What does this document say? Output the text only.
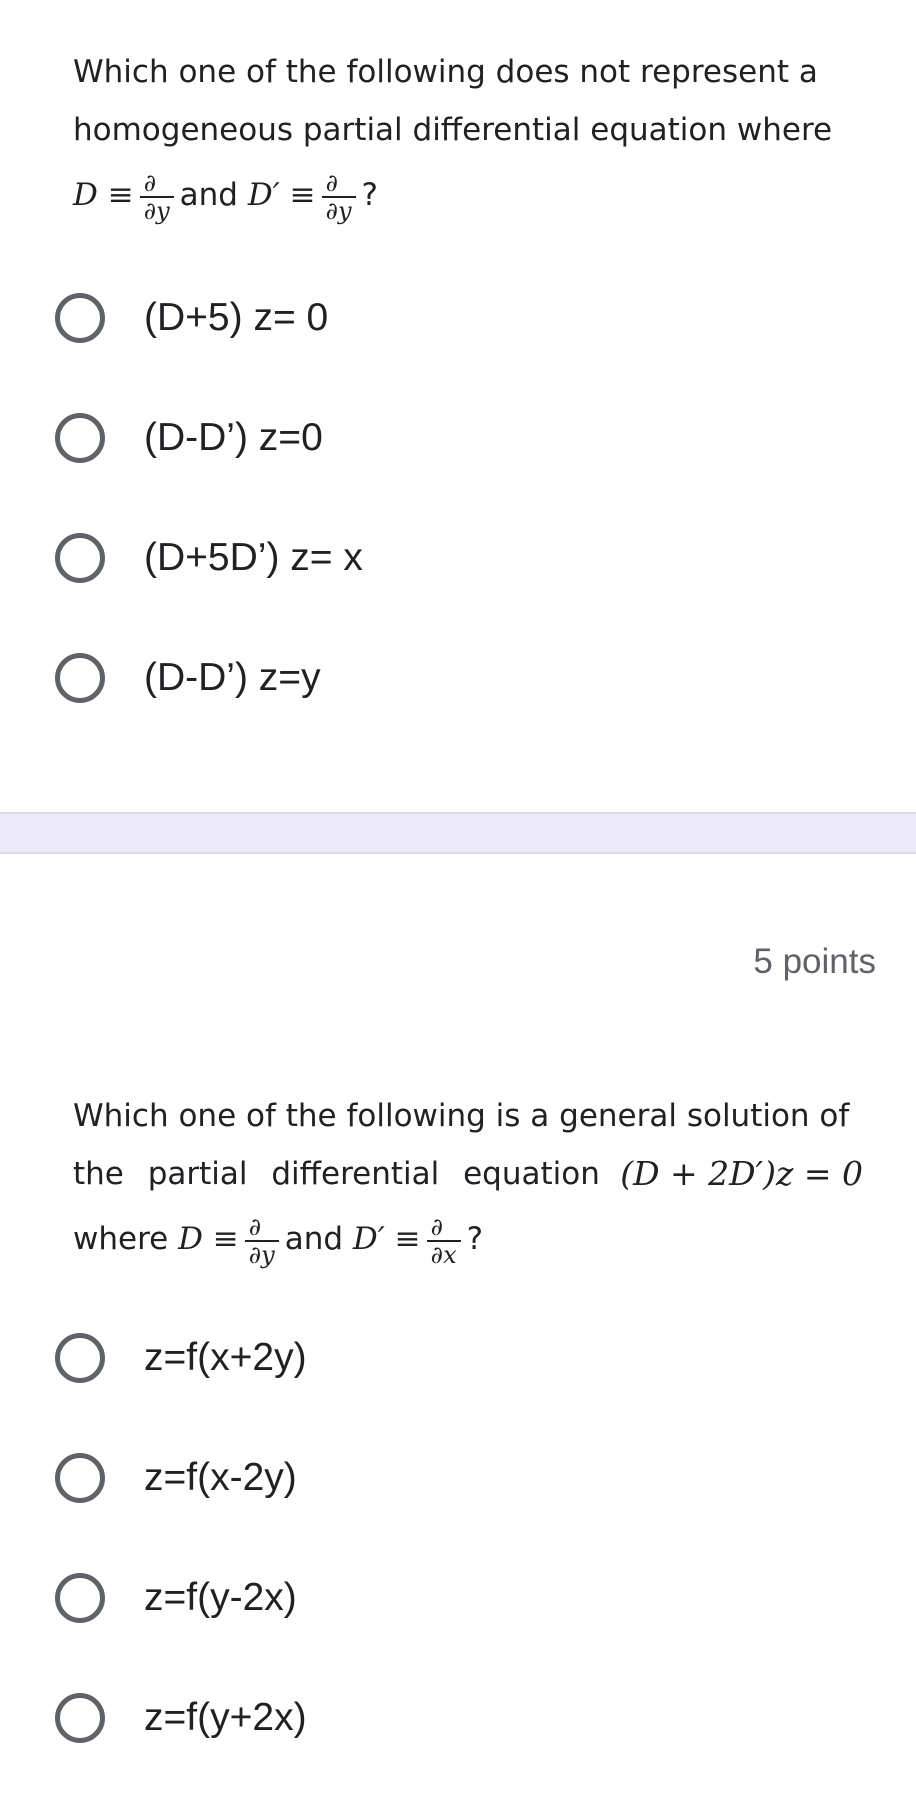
Which one of the following does not represent a
homogeneous partial differential equation where
$D \equiv \frac{\partial}{\partial y}$ and $D' \equiv \frac{\partial}{\partial y}$ ?
(D+5) z= 0
(D-D’) z=0
(D+5D’) z= x
(D-D’) z=y
5 points
Which one of the following is a general solution of
the partial differential equation (D + 2D′)z = 0
where $D \equiv \frac{\partial}{\partial y}$ and $D' \equiv \frac{\partial}{\partial x}$ ?
z=f(x+2y)
z=f(x-2y)
z=f(y-2x)
z=f(y+2x)
